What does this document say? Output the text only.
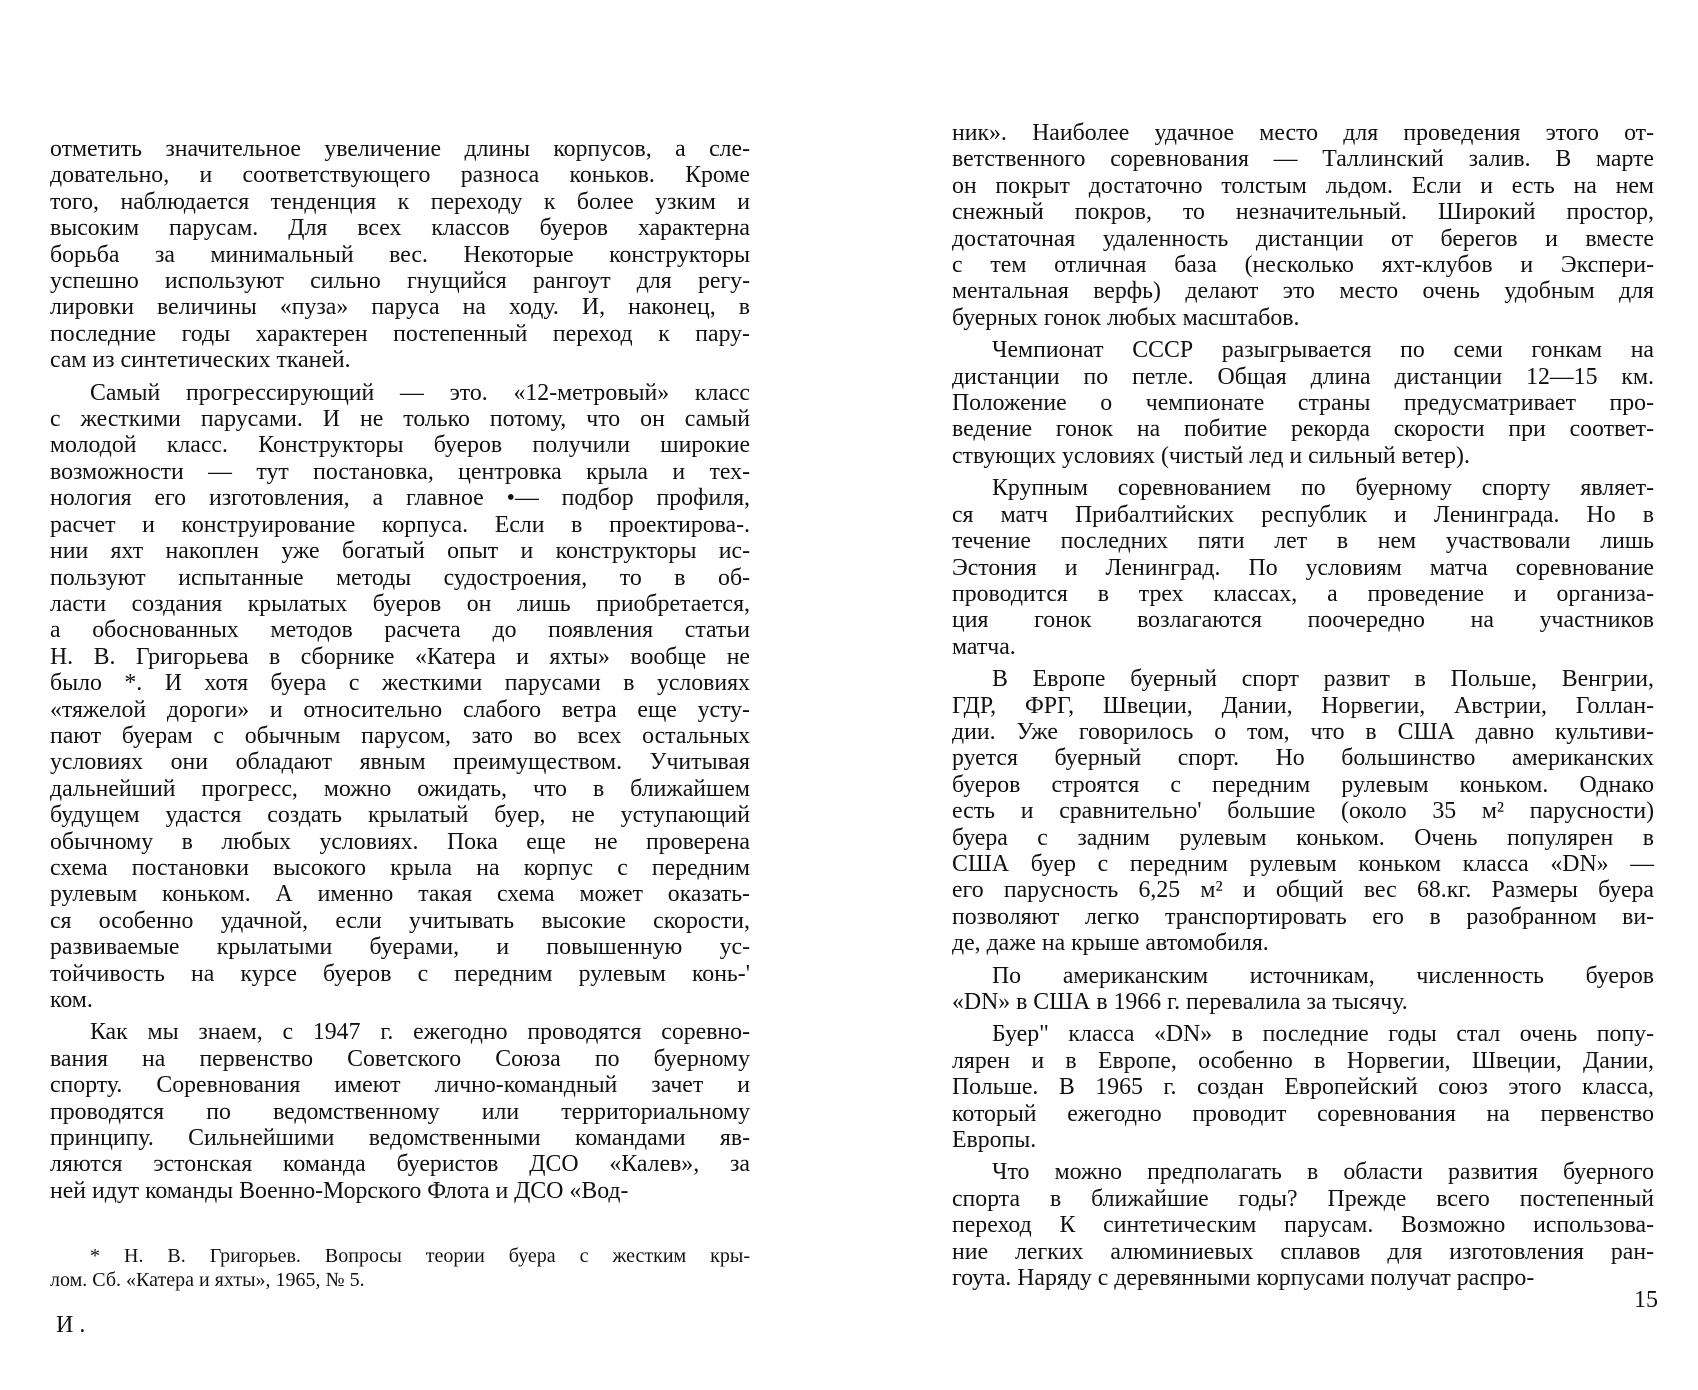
отметить значительное увеличение длины корпусов, а сле-
довательно, и соответствующего разноса коньков. Кроме
того, наблюдается тенденция к переходу к более узким и
высоким парусам. Для всех классов буеров характерна
борьба за минимальный вес. Некоторые конструкторы
успешно используют сильно гнущийся рангоут для регу-
лировки величины «пуза» паруса на ходу. И, наконец, в
последние годы характерен постепенный переход к пару-
сам из синтетических тканей.

Самый прогрессирующий — это. «12-метровый» класс
с жесткими парусами. И не только потому, что он самый
молодой класс. Конструкторы буеров получили широкие
возможности — тут постановка, центровка крыла и тех-
нология его изготовления, а главное •— подбор профиля,
расчет и конструирование корпуса. Если в проектирова-.
нии яхт накоплен уже богатый опыт и конструкторы ис-
пользуют испытанные методы судостроения, то в об-
ласти создания крылатых буеров он лишь приобретается,
а обоснованных методов расчета до появления статьи
Н. В. Григорьева в сборнике «Катера и яхты» вообще не
было *. И хотя буера с жесткими парусами в условиях
«тяжелой дороги» и относительно слабого ветра еще усту-
пают буерам с обычным парусом, зато во всех остальных
условиях они обладают явным преимуществом. Учитывая
дальнейший прогресс, можно ожидать, что в ближайшем
будущем удастся создать крылатый буер, не уступающий
обычному в любых условиях. Пока еще не проверена
схема постановки высокого крыла на корпус с передним
рулевым коньком. А именно такая схема может оказать-
ся особенно удачной, если учитывать высокие скорости,
развиваемые крылатыми буерами, и повышенную ус-
тойчивость на курсе буеров с передним рулевым конь-'
ком.

Как мы знаем, с 1947 г. ежегодно проводятся соревно-
вания на первенство Советского Союза по буерному
спорту. Соревнования имеют лично-командный зачет и
проводятся по ведомственному или территориальному
принципу. Сильнейшими ведомственными командами яв-
ляются эстонская команда буеристов ДСО «Калев», за
ней идут команды Военно-Морского Флота и ДСО «Вод-

* Н. В. Григорьев. Вопросы теории буера с жестким кры-
лом. Сб. «Катера и яхты», 1965, № 5.
И .

ник». Наиболее удачное место для проведения этого от-
ветственного соревнования — Таллинский залив. В марте
он покрыт достаточно толстым льдом. Если и есть на нем
снежный покров, то незначительный. Широкий простор,
достаточная удаленность дистанции от берегов и вместе
с тем отличная база (несколько яхт-клубов и Экспери-
ментальная верфь) делают это место очень удобным для
буерных гонок любых масштабов.

Чемпионат СССР разыгрывается по семи гонкам на
дистанции по петле. Общая длина дистанции 12—15 км.
Положение о чемпионате страны предусматривает про-
ведение гонок на побитие рекорда скорости при соответ-
ствующих условиях (чистый лед и сильный ветер).

Крупным соревнованием по буерному спорту являет-
ся матч Прибалтийских республик и Ленинграда. Но в
течение последних пяти лет в нем участвовали лишь
Эстония и Ленинград. По условиям матча соревнование
проводится в трех классах, а проведение и организа-
ция гонок возлагаются поочередно на участников
матча.

В Европе буерный спорт развит в Польше, Венгрии,
ГДР, ФРГ, Швеции, Дании, Норвегии, Австрии, Голлан-
дии. Уже говорилось о том, что в США давно культиви-
руется буерный спорт. Но большинство американских
буеров строятся с передним рулевым коньком. Однако
есть и сравнительно' большие (около 35 м² парусности)
буера с задним рулевым коньком. Очень популярен в
США буер с передним рулевым коньком класса «DN» —
его парусность 6,25 м² и общий вес 68.кг. Размеры буера
позволяют легко транспортировать его в разобранном ви-
де, даже на крыше автомобиля.

По американским источникам, численность буеров
«DN» в США в 1966 г. перевалила за тысячу.

Буер" класса «DN» в последние годы стал очень попу-
лярен и в Европе, особенно в Норвегии, Швеции, Дании,
Польше. В 1965 г. создан Европейский союз этого класса,
который ежегодно проводит соревнования на первенство
Европы.

Что можно предполагать в области развития буерного
спорта в ближайшие годы? Прежде всего постепенный
переход К синтетическим парусам. Возможно использова-
ние легких алюминиевых сплавов для изготовления ран-
гоута. Наряду с деревянными корпусами получат распро-

15
